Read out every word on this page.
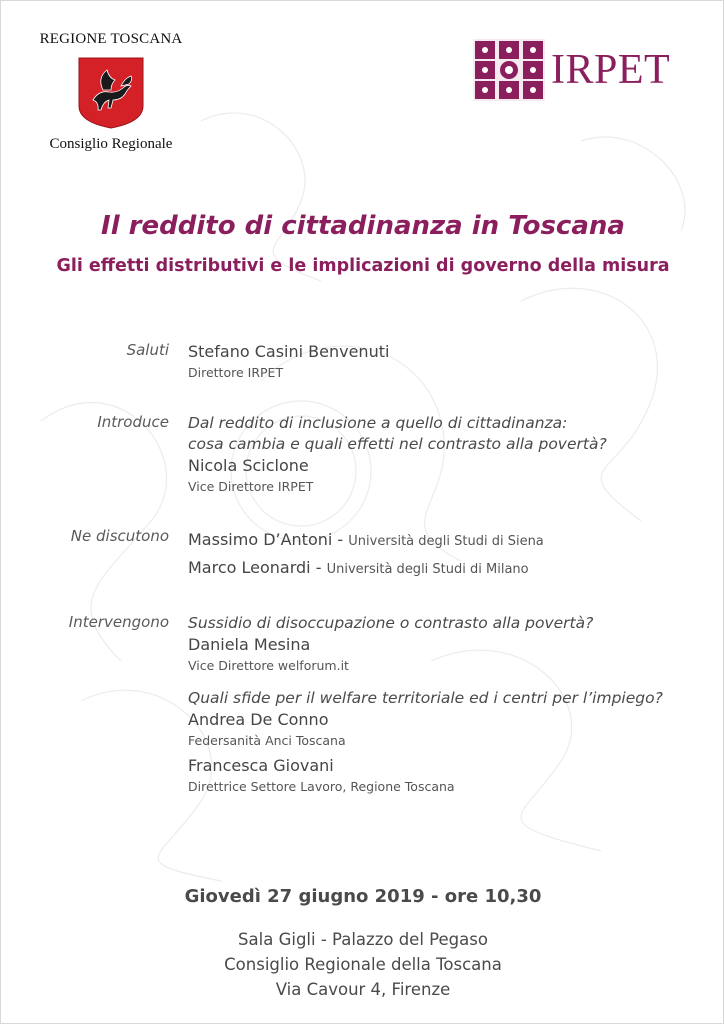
REGIONE TOSCANA
Consiglio Regionale
IRPET
Il reddito di cittadinanza in Toscana
Gli effetti distributivi e le implicazioni di governo della misura
Saluti Stefano Casini Benvenuti
Direttore IRPET
Introduce Dal reddito di inclusione a quello di cittadinanza:
cosa cambia e quali effetti nel contrasto alla povertà?
Nicola Sciclone
Vice Direttore IRPET
Ne discutono Massimo D’Antoni - Università degli Studi di Siena
Marco Leonardi - Università degli Studi di Milano
Intervengono Sussidio di disoccupazione o contrasto alla povertà?
Daniela Mesina
Vice Direttore welforum.it
Quali sfide per il welfare territoriale ed i centri per l’impiego?
Andrea De Conno
Federsanità Anci Toscana
Francesca Giovani
Direttrice Settore Lavoro, Regione Toscana
Giovedì 27 giugno 2019 - ore 10,30
Sala Gigli - Palazzo del Pegaso
Consiglio Regionale della Toscana
Via Cavour 4, Firenze
